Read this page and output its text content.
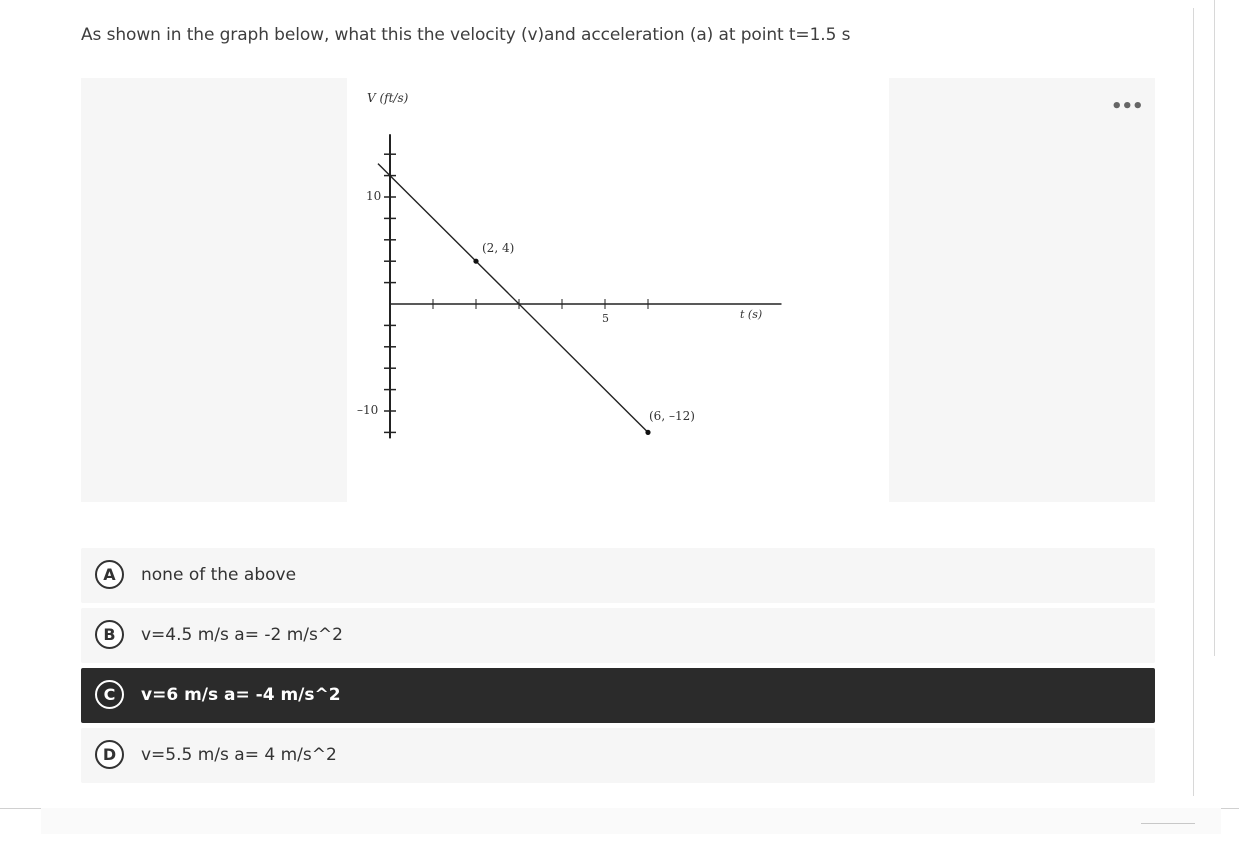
As shown in the graph below, what this the velocity (v)and acceleration (a) at point t=1.5 s
V (ft/s)
t (s)
10
–10
5
(2, 4)
(6, –12)
•••
A	none of the above
B	v=4.5 m/s a= -2 m/s^2
C	v=6 m/s a= -4 m/s^2
D	v=5.5 m/s a= 4 m/s^2
